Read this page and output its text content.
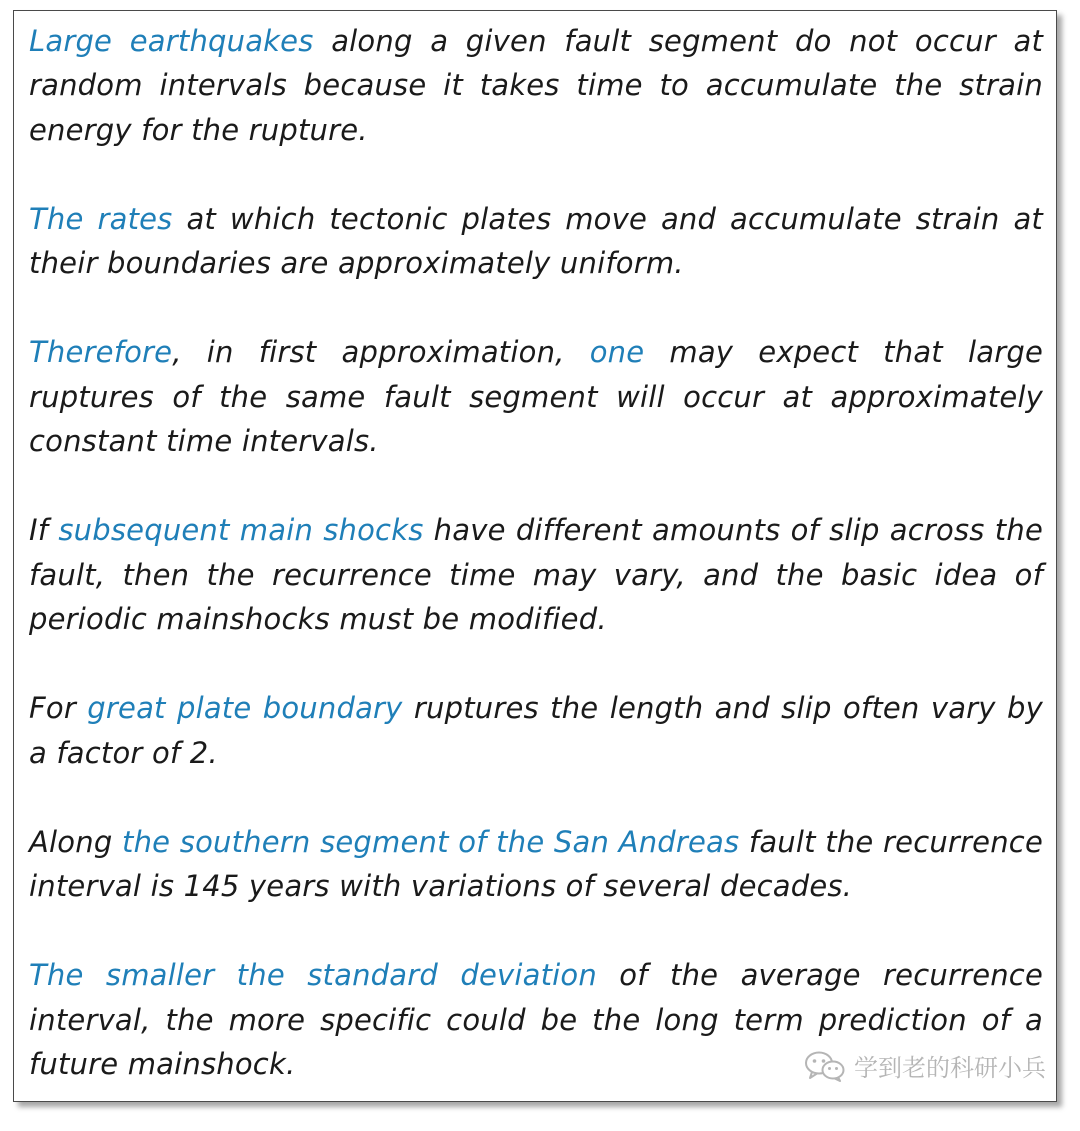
Large earthquakes along a given fault segment do not occur at random intervals because it takes time to accumulate the strain energy for the rupture.

The rates at which tectonic plates move and accumulate strain at their boundaries are approximately uniform.

Therefore, in first approximation, one may expect that large ruptures of the same fault segment will occur at approximately constant time intervals.

If subsequent main shocks have different amounts of slip across the fault, then the recurrence time may vary, and the basic idea of periodic mainshocks must be modified.

For great plate boundary ruptures the length and slip often vary by a factor of 2.

Along the southern segment of the San Andreas fault the recurrence interval is 145 years with variations of several decades.

The smaller the standard deviation of the average recurrence interval, the more specific could be the long term prediction of a future mainshock.	学到老的科研小兵
